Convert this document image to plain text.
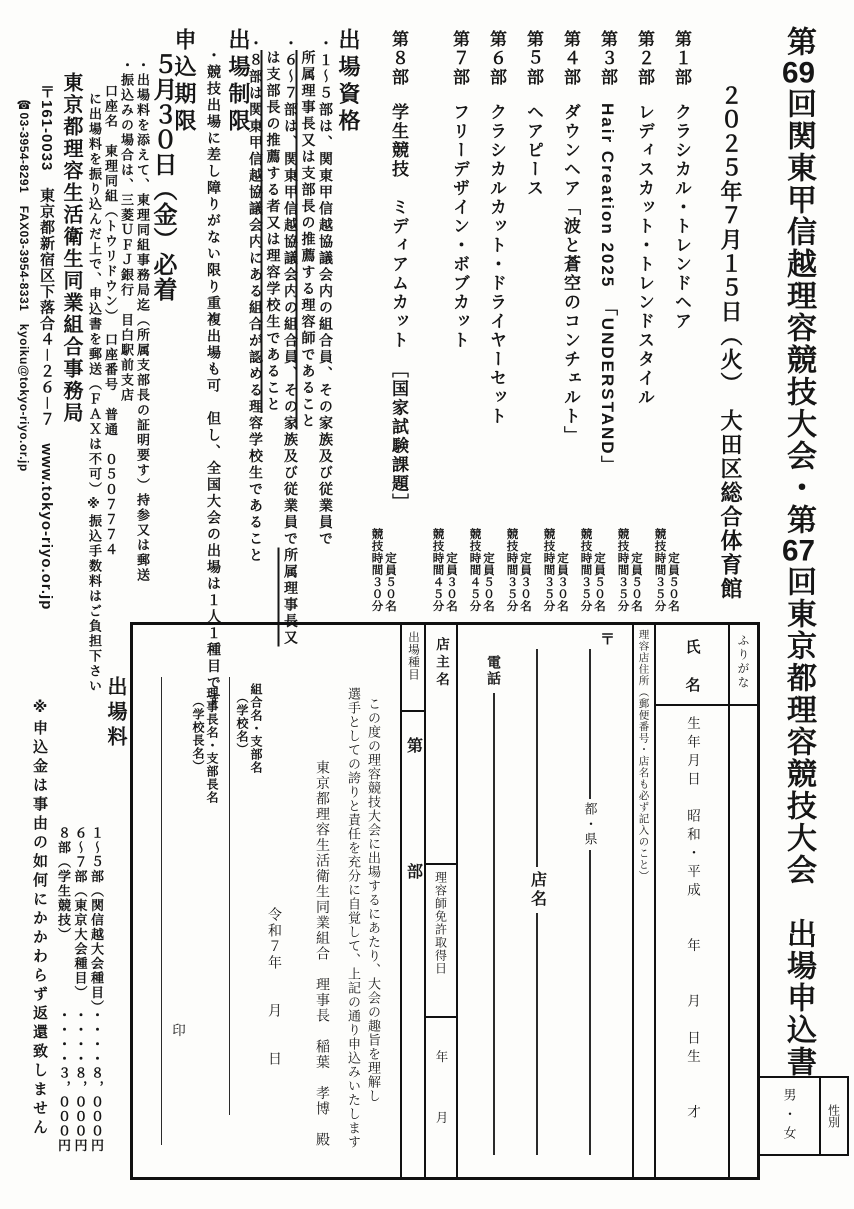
第69回関東甲信越理容競技大会・第67回東京都理容競技大会　出場申込書
２０２５年７月１５日（火）　大田区総合体育館
第１部クラシカル・トレンドヘア
定員５０名
競技時間３５分

第２部レディスカット・トレンドスタイル
定員５０名
競技時間３５分

第３部Hair Creation 2025　「UNDERSTAND」
定員５０名
競技時間３５分

第４部ダウンヘア「波と蒼空のコンチェルト」
定員３０名
競技時間３５分

第５部ヘアピース
定員３０名
競技時間３５分

第６部クラシカルカット・ドライヤーセット
定員５０名
競技時間４５分

第７部フリーデザイン・ボブカット
定員３０名
競技時間４５分

第８部学生競技　ミディアムカット　［国家試験課題］
定員５０名
競技時間３０分
出場資格
・１～５部は、関東甲信越協議会内の組合員、その家族及び従業員で
所属理事長又は支部長の推薦する理容師であること
・６～７部は、関東甲信越協議会内の組合員、その家族及び従業員で所属理事長又
は支部長の推薦する者又は理容学校生であること
・８部は関東甲信越協議会内にある組合が認める理容学校生であること
出場制限
・競技出場に差し障りがない限り重複出場も可　但し、全国大会の出場は１人１種目です
申込期限
５月３０日（金）必着
・出場料を添えて、東理同組事務局迄（所属支部長の証明要す）持参又は郵送
・振込みの場合は、三菱ＵＦＪ銀行　目白駅前支店
口座名　東理同組（トウリドウン）　口座番号　普通　０５０７７７４
に出場料を振り込んだ上で、申込書を郵送（ＦＡＸは不可）※振込手数料はご負担下さい
東京都理容生活衛生同業組合事務局
〒161-0033　東京都新宿区下落合４－２６－７　www.tokyo-riyo.or.jp
☎03-3954-8291　FAX03-3954-8331　kyoiku@tokyo-riyo.or.jp
ふりがな
氏　名
生年月日　昭和・平成　　年　　月　日生　　才
理容店住所（郵便番号・店名も必ず記入のこと）
〒
都・県
店名
電話
店主名
理容師免許取得日
年月
出場種目
第部
この度の理容競技大会に出場するにあたり、大会の趣旨を理解し
選手としての誇りと責任を充分に自覚して、上記の通り申込みいたします
東京都理容生活衛生同業組合　理事長　稲葉　孝博　殿
令和７年　　月　　日
組合名・支部名
（学校名）
理事長名・支部長名
（学校長名）
印
男・女	性別
出場料
１～５部（関信越大会種目）・・・・８，０００円
６～７部（東京大会種目）　・・・・８，０００円
８部（学生競技）　　　　　・・・・３，０００円
※申込金は事由の如何にかかわらず返還致しません
